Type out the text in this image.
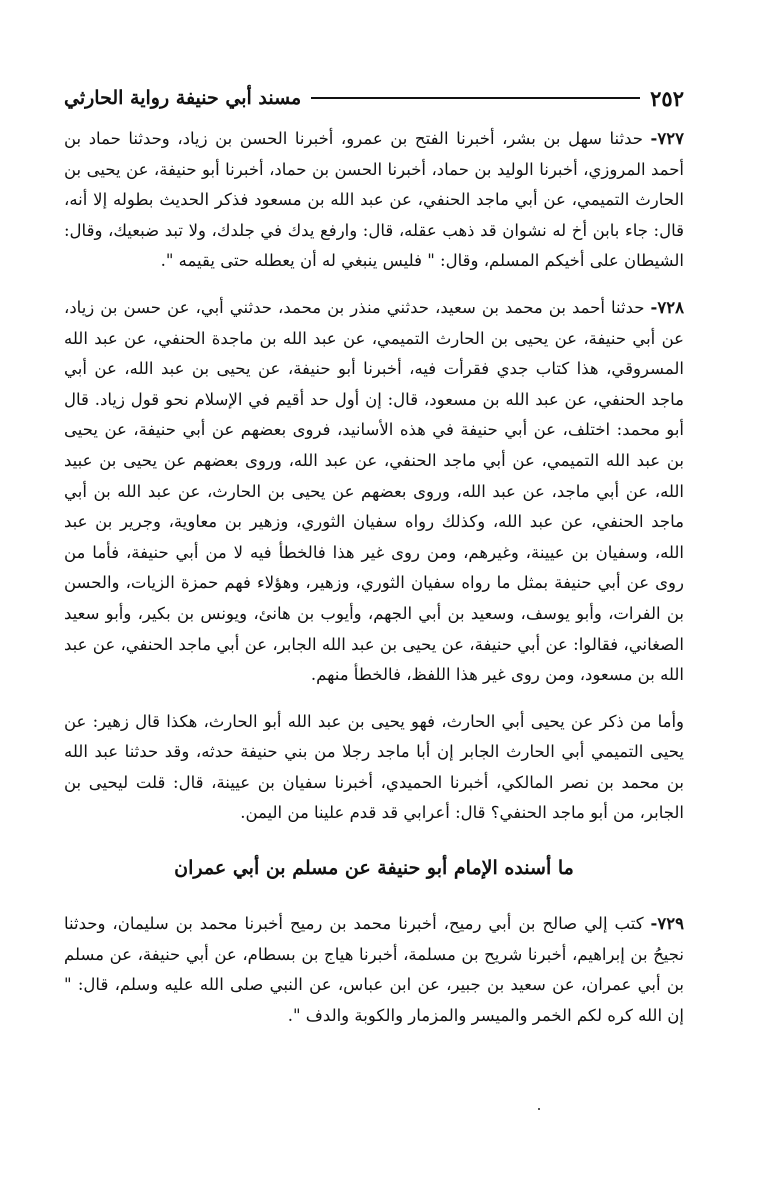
٢٥٢
مسند أبي حنيفة رواية الحارثي

٧٢٧- حدثنا سهل بن بشر، أخبرنا الفتح بن عمرو، أخبرنا الحسن بن زياد، وحدثنا حماد بن أحمد المروزي، أخبرنا الوليد بن حماد، أخبرنا الحسن بن حماد، أخبرنا أبو حنيفة، عن يحيى بن الحارث التميمي، عن أبي ماجد الحنفي، عن عبد الله بن مسعود فذكر الحديث بطوله إلا أنه، قال: جاء بابن أخ له نشوان قد ذهب عقله، قال: وارفع يدك في جلدك، ولا تبد ضبعيك، وقال: الشيطان على أخيكم المسلم، وقال: " فليس ينبغي له أن يعطله حتى يقيمه ".

٧٢٨- حدثنا أحمد بن محمد بن سعيد، حدثني منذر بن محمد، حدثني أبي، عن حسن بن زياد، عن أبي حنيفة، عن يحيى بن الحارث التميمي، عن عبد الله بن ماجدة الحنفي، عن عبد الله المسروقي، هذا كتاب جدي فقرأت فيه، أخبرنا أبو حنيفة، عن يحيى بن عبد الله، عن أبي ماجد الحنفي، عن عبد الله بن مسعود، قال: إن أول حد أقيم في الإسلام نحو قول زياد. قال أبو محمد: اختلف، عن أبي حنيفة في هذه الأسانيد، فروى بعضهم عن أبي حنيفة، عن يحيى بن عبد الله التميمي، عن أبي ماجد الحنفي، عن عبد الله، وروى بعضهم عن يحيى بن عبيد الله، عن أبي ماجد، عن عبد الله، وروى بعضهم عن يحيى بن الحارث، عن عبد الله بن أبي ماجد الحنفي، عن عبد الله، وكذلك رواه سفيان الثوري، وزهير بن معاوية، وجرير بن عبد الله، وسفيان بن عيينة، وغيرهم، ومن روى غير هذا فالخطأ فيه لا من أبي حنيفة، فأما من روى عن أبي حنيفة بمثل ما رواه سفيان الثوري، وزهير، وهؤلاء فهم حمزة الزيات، والحسن بن الفرات، وأبو يوسف، وسعيد بن أبي الجهم، وأيوب بن هانئ، ويونس بن بكير، وأبو سعيد الصغاني، فقالوا: عن أبي حنيفة، عن يحيى بن عبد الله الجابر، عن أبي ماجد الحنفي، عن عبد الله بن مسعود، ومن روى غير هذا اللفظ، فالخطأ منهم.

وأما من ذكر عن يحيى أبي الحارث، فهو يحيى بن عبد الله أبو الحارث، هكذا قال زهير: عن يحيى التميمي أبي الحارث الجابر إن أبا ماجد رجلا من بني حنيفة حدثه، وقد حدثنا عبد الله بن محمد بن نصر المالكي، أخبرنا الحميدي، أخبرنا سفيان بن عيينة، قال: قلت ليحيى بن الجابر، من أبو ماجد الحنفي؟ قال: أعرابي قد قدم علينا من اليمن.

ما أسنده الإمام أبو حنيفة عن مسلم بن أبي عمران

٧٢٩- كتب إلي صالح بن أبي رميح، أخبرنا محمد بن رميح أخبرنا محمد بن سليمان، وحدثنا نجيحُ بن إبراهيم، أخبرنا شريح بن مسلمة، أخبرنا هياج بن بسطام، عن أبي حنيفة، عن مسلم بن أبي عمران، عن سعيد بن جبير، عن ابن عباس، عن النبي صلى الله عليه وسلم، قال: " إن الله كره لكم الخمر والميسر والمزمار والكوبة والدف ".
